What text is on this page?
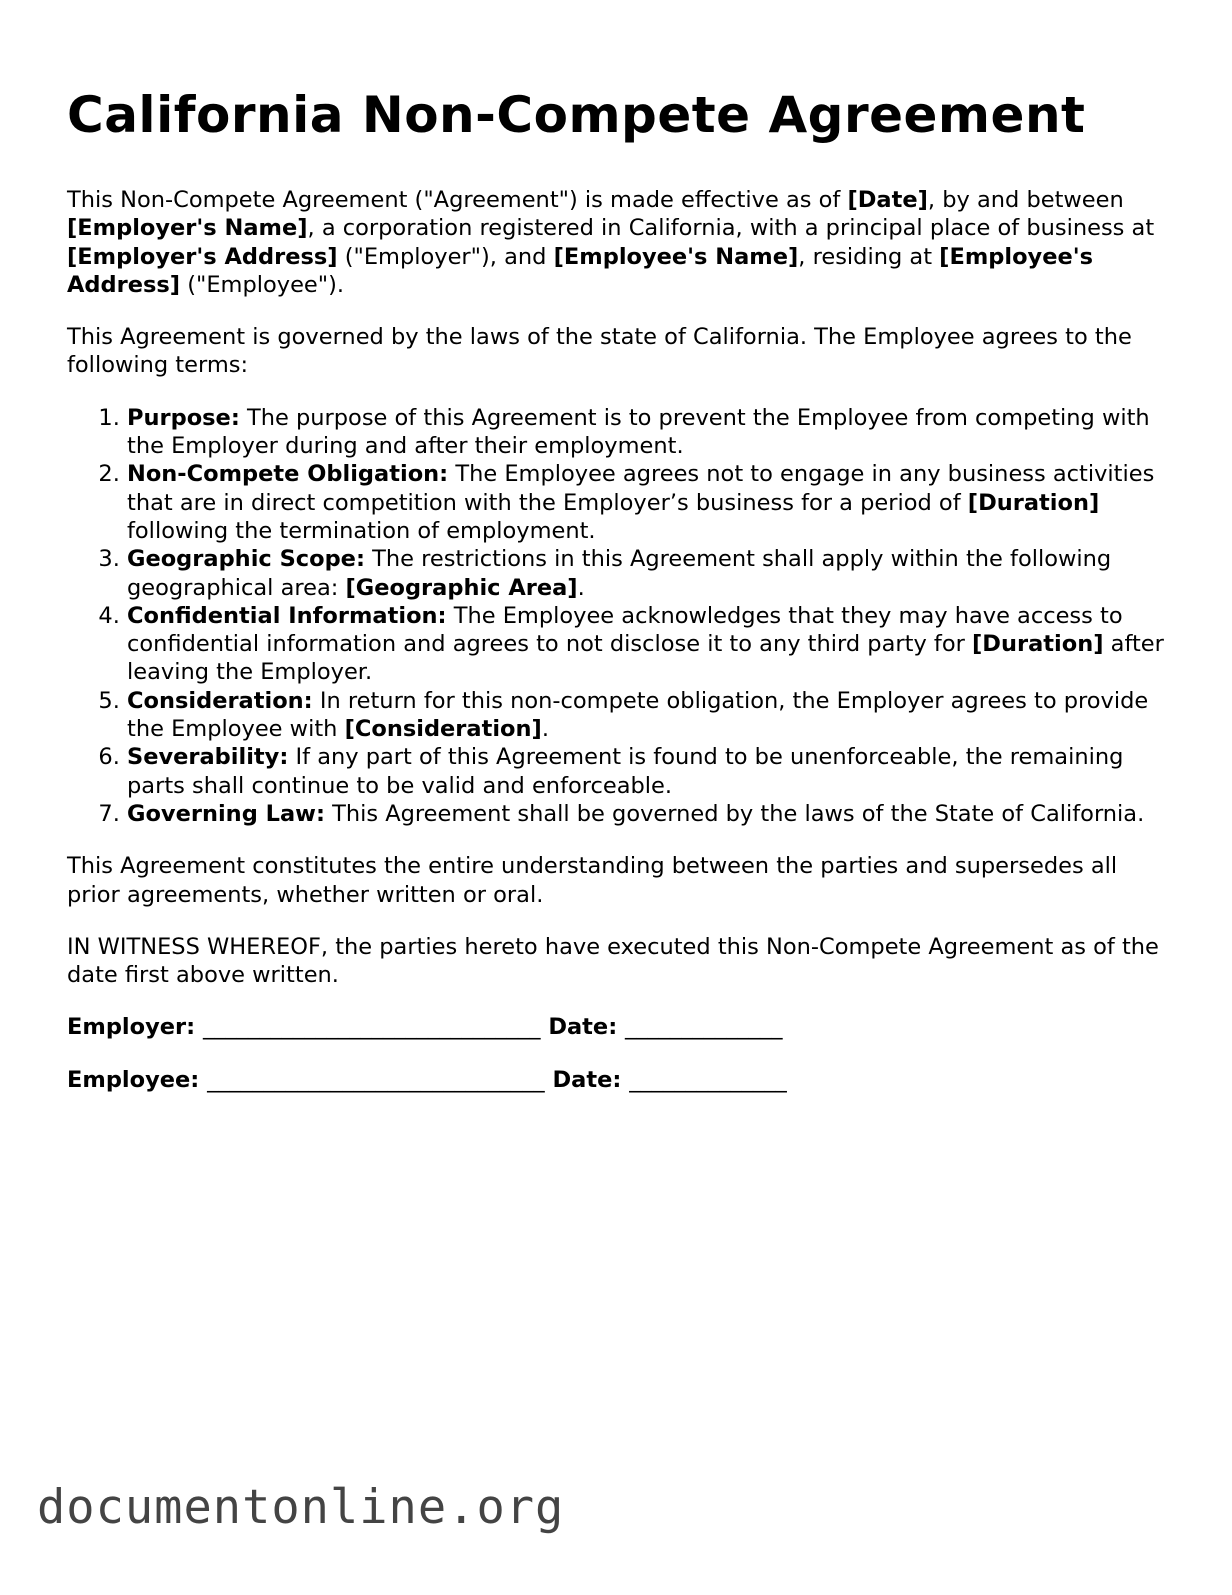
California Non-Compete Agreement

This Non-Compete Agreement ("Agreement") is made effective as of [Date], by and between [Employer's Name], a corporation registered in California, with a principal place of business at [Employer's Address] ("Employer"), and [Employee's Name], residing at [Employee's Address] ("Employee").

This Agreement is governed by the laws of the state of California. The Employee agrees to the following terms:

1. Purpose: The purpose of this Agreement is to prevent the Employee from competing with the Employer during and after their employment.
2. Non-Compete Obligation: The Employee agrees not to engage in any business activities that are in direct competition with the Employer’s business for a period of [Duration] following the termination of employment.
3. Geographic Scope: The restrictions in this Agreement shall apply within the following geographical area: [Geographic Area].
4. Confidential Information: The Employee acknowledges that they may have access to confidential information and agrees to not disclose it to any third party for [Duration] after leaving the Employer.
5. Consideration: In return for this non-compete obligation, the Employer agrees to provide the Employee with [Consideration].
6. Severability: If any part of this Agreement is found to be unenforceable, the remaining parts shall continue to be valid and enforceable.
7. Governing Law: This Agreement shall be governed by the laws of the State of California.

This Agreement constitutes the entire understanding between the parties and supersedes all prior agreements, whether written or oral.

IN WITNESS WHEREOF, the parties hereto have executed this Non-Compete Agreement as of the date first above written.

Employer: ______________________________ Date: ______________
Employee: ______________________________ Date: ______________
documentonline.org
